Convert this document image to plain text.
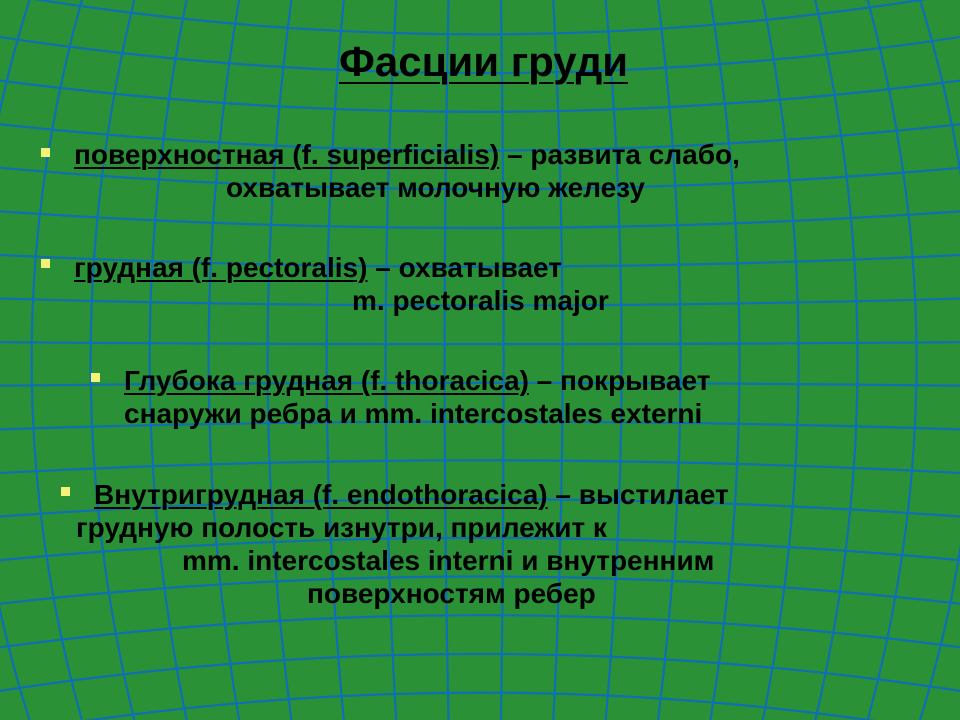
Фасции груди
поверхностная (f. superficialis) – развита слабо,
охватывает молочную железу
грудная (f. pectoralis) – охватывает
m. pectoralis major
Глубока грудная (f. thoracica) – покрывает
снаружи ребра и mm. intercostales externi
Внутригрудная (f. endothoracica) – выстилает
грудную полость изнутри, прилежит к
mm. intercostales interni и внутренним
поверхностям ребер
